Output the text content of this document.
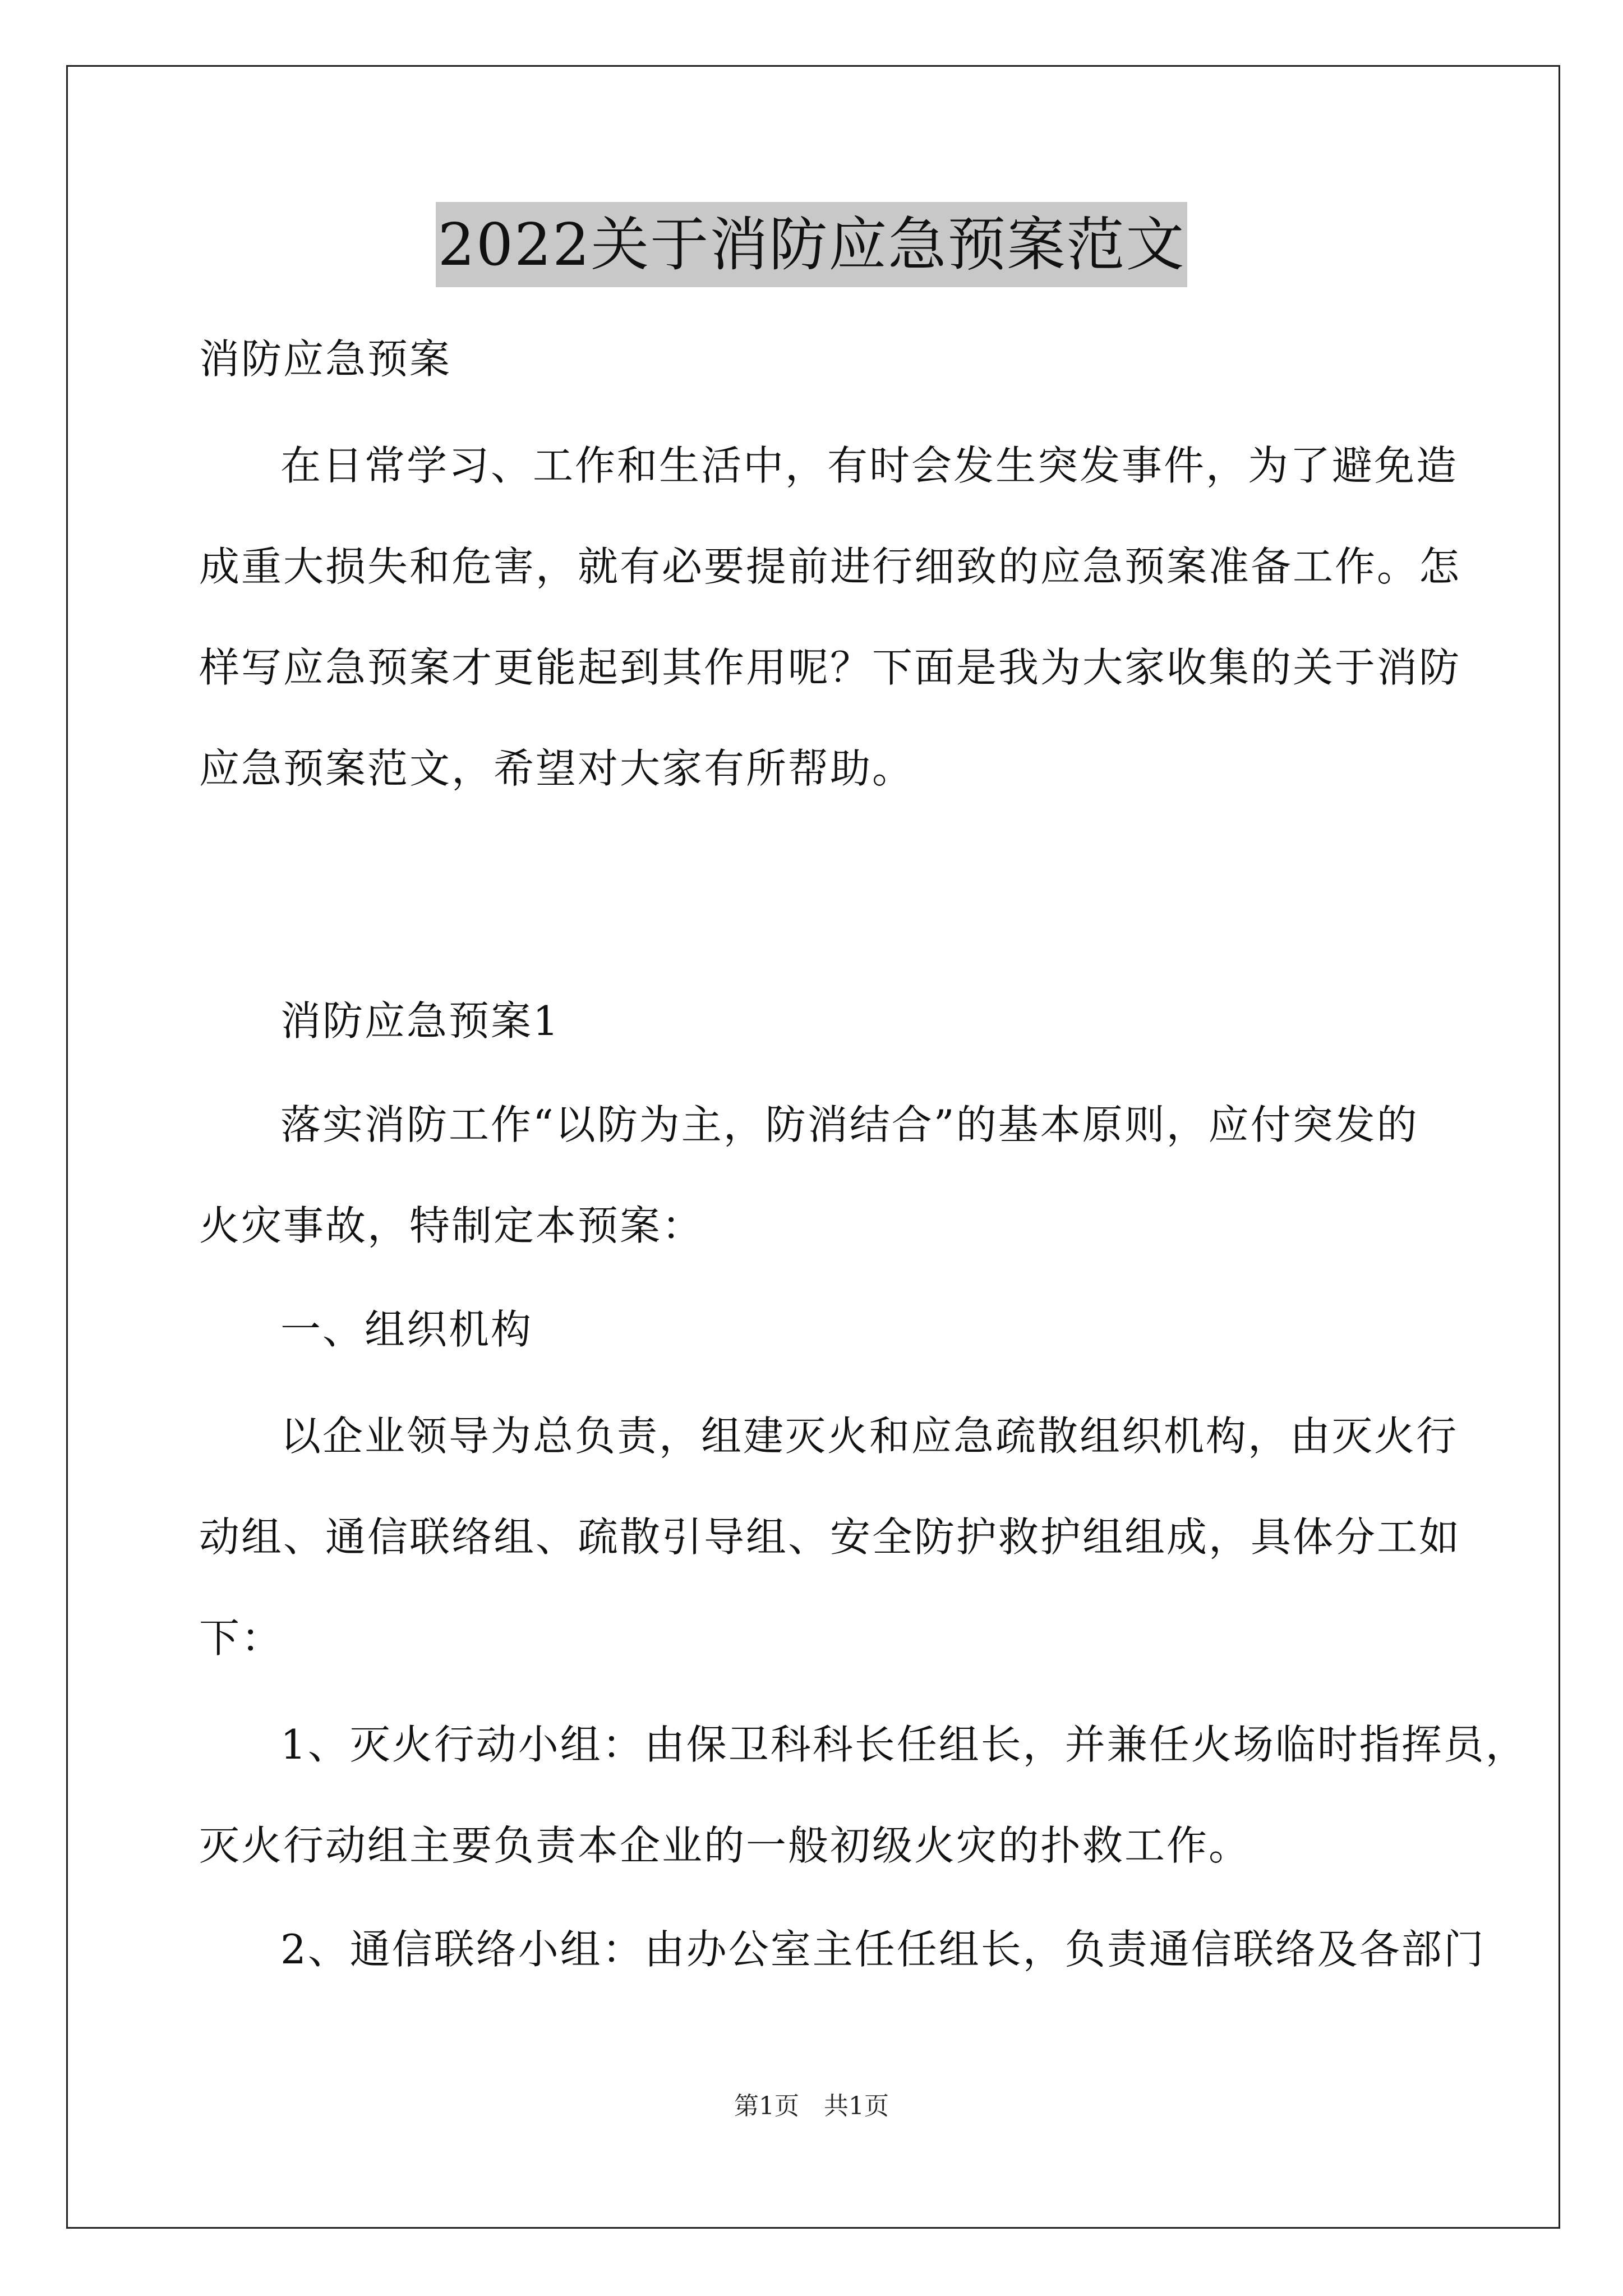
2022关于消防应急预案范文
消防应急预案
在日常学习、工作和生活中，有时会发生突发事件，为了避免造
成重大损失和危害，就有必要提前进行细致的应急预案准备工作。怎
样写应急预案才更能起到其作用呢？下面是我为大家收集的关于消防
应急预案范文，希望对大家有所帮助。
消防应急预案1
落实消防工作“以防为主，防消结合”的基本原则，应付突发的
火灾事故，特制定本预案：
一、组织机构
以企业领导为总负责，组建灭火和应急疏散组织机构，由灭火行
动组、通信联络组、疏散引导组、安全防护救护组组成，具体分工如
下：
1、灭火行动小组：由保卫科科长任组长，并兼任火场临时指挥员，
灭火行动组主要负责本企业的一般初级火灾的扑救工作。
2、通信联络小组：由办公室主任任组长，负责通信联络及各部门
第1页　共1页
